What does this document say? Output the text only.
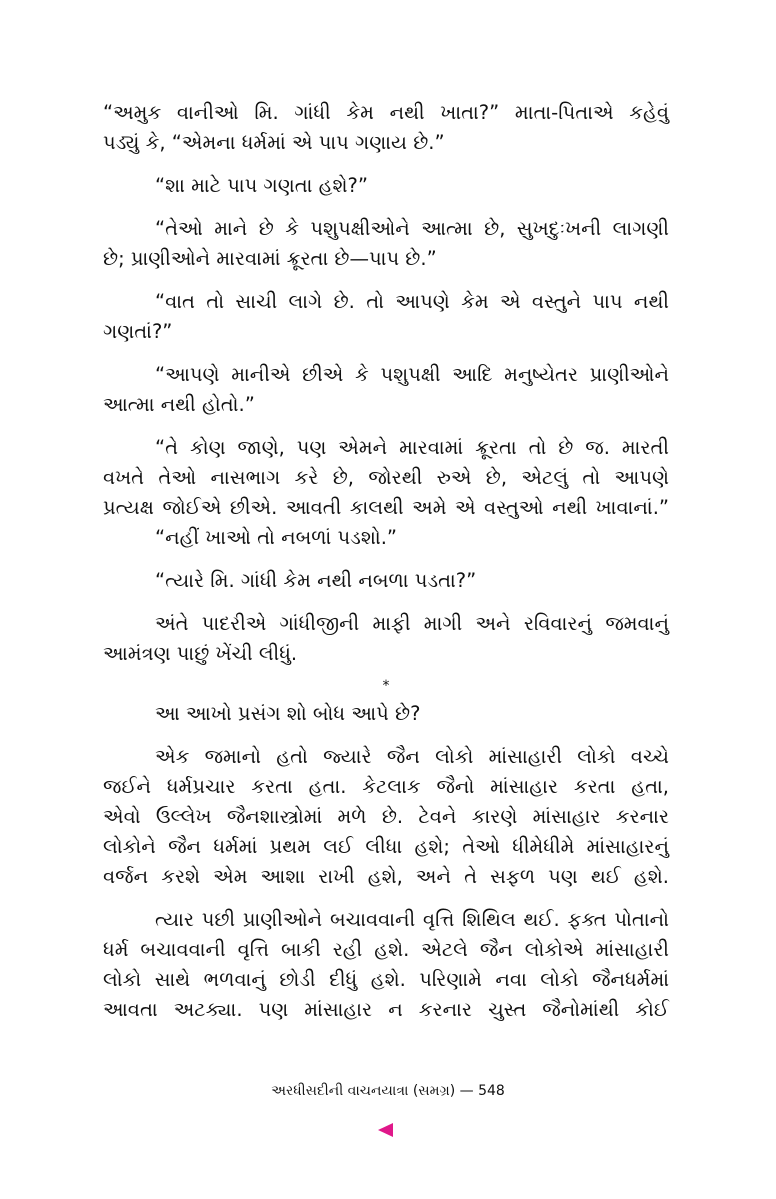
“અમુક વાનીઓ મિ. ગાંધી કેમ નથી ખાતા?” માતા-પિતાએ કહેવું
પડ્યું કે, “એમના ધર્મમાં એ પાપ ગણાય છે.”
“શા માટે પાપ ગણતા હશે?”
“તેઓ માને છે કે પશુપક્ષીઓને આત્મા છે, સુખદુઃખની લાગણી
છે; પ્રાણીઓને મારવામાં ક્રૂરતા છે—પાપ છે.”
“વાત તો સાચી લાગે છે. તો આપણે કેમ એ વસ્તુને પાપ નથી
ગણતાં?”
“આપણે માનીએ છીએ કે પશુપક્ષી આદિ મનુષ્યેતર પ્રાણીઓને
આત્મા નથી હોતો.”
“તે કોણ જાણે, પણ એમને મારવામાં ક્રૂરતા તો છે જ. મારતી
વખતે તેઓ નાસભાગ કરે છે, જોરથી રુએ છે, એટલું તો આપણે
પ્રત્યક્ષ જોઈએ છીએ. આવતી કાલથી અમે એ વસ્તુઓ નથી ખાવાનાં.”
“નહીં ખાઓ તો નબળાં પડશો.”
“ત્યારે મિ. ગાંધી કેમ નથી નબળા પડતા?”
અંતે પાદરીએ ગાંધીજીની માફી માગી અને રવિવારનું જમવાનું
આમંત્રણ પાછું ખેંચી લીધું.
*
આ આખો પ્રસંગ શો બોધ આપે છે?
એક જમાનો હતો જ્યારે જૈન લોકો માંસાહારી લોકો વચ્ચે
જઈને ધર્મપ્રચાર કરતા હતા. કેટલાક જૈનો માંસાહાર કરતા હતા,
એવો ઉલ્લેખ જૈનશાસ્ત્રોમાં મળે છે. ટેવને કારણે માંસાહાર કરનાર
લોકોને જૈન ધર્મમાં પ્રથમ લઈ લીધા હશે; તેઓ ધીમેધીમે માંસાહારનું
વર્જન કરશે એમ આશા રાખી હશે, અને તે સફળ પણ થઈ હશે.
ત્યાર પછી પ્રાણીઓને બચાવવાની વૃત્તિ શિથિલ થઈ. ફક્ત પોતાનો
ધર્મ બચાવવાની વૃત્તિ બાકી રહી હશે. એટલે જૈન લોકોએ માંસાહારી
લોકો સાથે ભળવાનું છોડી દીધું હશે. પરિણામે નવા લોકો જૈનધર્મમાં
આવતા અટક્યા. પણ માંસાહાર ન કરનાર ચુસ્ત જૈનોમાંથી કોઈ
અરધીસદીની વાચનયાત્રા (સમગ્ર) — 548
